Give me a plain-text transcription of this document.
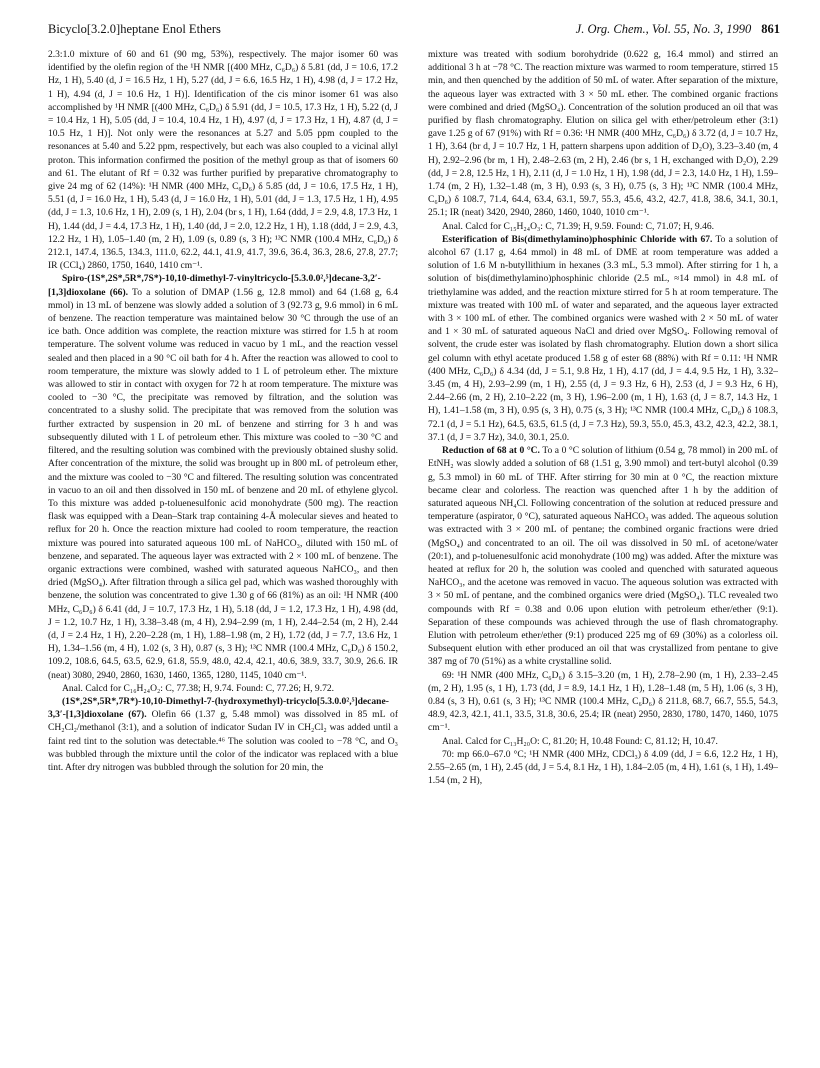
Bicyclo[3.2.0]heptane Enol Ethers	J. Org. Chem., Vol. 55, No. 3, 1990 861

2.3:1.0 mixture of 60 and 61 (90 mg, 53%), respectively. The major isomer 60 was identified by the olefin region of the ¹H NMR [(400 MHz, C₆D₆) δ 5.81 (dd, J = 10.6, 17.2 Hz, 1 H), 5.40 (d, J = 16.5 Hz, 1 H), 5.27 (dd, J = 6.6, 16.5 Hz, 1 H), 4.98 (d, J = 17.2 Hz, 1 H), 4.94 (d, J = 10.6 Hz, 1 H)]. Identification of the cis minor isomer 61 was also accomplished by ¹H NMR [(400 MHz, C₆D₆) δ 5.91 (dd, J = 10.5, 17.3 Hz, 1 H), 5.22 (d, J = 10.4 Hz, 1 H), 5.05 (dd, J = 10.4, 10.4 Hz, 1 H), 4.97 (d, J = 17.3 Hz, 1 H), 4.87 (d, J = 10.5 Hz, 1 H)]. Not only were the resonances at 5.27 and 5.05 ppm coupled to the resonances at 5.40 and 5.22 ppm, respectively, but each was also coupled to a vicinal allyl proton. This information confirmed the position of the methyl group as that of isomers 60 and 61. The elutant of Rf = 0.32 was further purified by preparative chromatography to give 24 mg of 62 (14%): ¹H NMR (400 MHz, C₆D₆) δ 5.85 (dd, J = 10.6, 17.5 Hz, 1 H), 5.51 (d, J = 16.0 Hz, 1 H), 5.43 (d, J = 16.0 Hz, 1 H), 5.01 (dd, J = 1.3, 17.5 Hz, 1 H), 4.95 (dd, J = 1.3, 10.6 Hz, 1 H), 2.09 (s, 1 H), 2.04 (br s, 1 H), 1.64 (ddd, J = 2.9, 4.8, 17.3 Hz, 1 H), 1.44 (dd, J = 4.4, 17.3 Hz, 1 H), 1.40 (dd, J = 2.0, 12.2 Hz, 1 H), 1.18 (ddd, J = 2.9, 4.3, 12.2 Hz, 1 H), 1.05–1.40 (m, 2 H), 1.09 (s, 0.89 (s, 3 H); ¹³C NMR (100.4 MHz, C₆D₆) δ 212.1, 147.4, 136.5, 134.3, 111.0, 62.2, 44.1, 41.9, 41.7, 39.6, 36.4, 36.3, 28.6, 27.8, 27.7; IR (CCl₄) 2860, 1750, 1640, 1410 cm⁻¹.

Spiro-(1S*,2S*,5R*,7S*)-10,10-dimethyl-7-vinyltricyclo-[5.3.0.0²,⁵]decane-3,2′-[1,3]dioxolane (66). To a solution of DMAP (1.56 g, 12.8 mmol) and 64 (1.68 g, 6.4 mmol) in 13 mL of benzene was slowly added a solution of 3 (92.73 g, 9.6 mmol) in 6 mL of benzene. The reaction temperature was maintained below 30 °C through the use of an ice bath. Once addition was complete, the reaction mixture was stirred for 1.5 h at room temperature. The solvent volume was reduced in vacuo by 1 mL, and the reaction vessel sealed and then placed in a 90 °C oil bath for 4 h. After the reaction was allowed to cool to room temperature, the mixture was slowly added to 1 L of petroleum ether. The mixture was allowed to stir in contact with oxygen for 72 h at room temperature. The mixture was cooled to −30 °C, the precipitate was removed by filtration, and the solution was concentrated to a slushy solid. The precipitate that was removed from the solution was further extracted by suspension in 20 mL of benzene and stirring for 3 h and was subsequently diluted with 1 L of petroleum ether. This mixture was cooled to −30 °C and filtered, and the resulting solution was combined with the previously obtained slushy solid. After concentration of the mixture, the solid was brought up in 800 mL of petroleum ether, and the mixture was cooled to −30 °C and filtered. The resulting solution was concentrated in vacuo to an oil and then dissolved in 150 mL of benzene and 20 mL of ethylene glycol. To this mixture was added p-toluenesulfonic acid monohydrate (500 mg). The reaction flask was equipped with a Dean–Stark trap containing 4-Å molecular sieves and heated to reflux for 20 h. Once the reaction mixture had cooled to room temperature, the reaction mixture was poured into saturated aqueous 100 mL of NaHCO₃, diluted with 150 mL of benzene, and separated. The aqueous layer was extracted with 2 × 100 mL of benzene. The organic extractions were combined, washed with saturated aqueous NaHCO₃, and then dried (MgSO₄). After filtration through a silica gel pad, which was washed thoroughly with benzene, the solution was concentrated to give 1.30 g of 66 (81%) as an oil: ¹H NMR (400 MHz, C₆D₆) δ 6.41 (dd, J = 10.7, 17.3 Hz, 1 H), 5.18 (dd, J = 1.2, 17.3 Hz, 1 H), 4.98 (dd, J = 1.2, 10.7 Hz, 1 H), 3.38–3.48 (m, 4 H), 2.94–2.99 (m, 1 H), 2.44–2.54 (m, 2 H), 2.44 (d, J = 2.4 Hz, 1 H), 2.20–2.28 (m, 1 H), 1.88–1.98 (m, 2 H), 1.72 (dd, J = 7.7, 13.6 Hz, 1 H), 1.34–1.56 (m, 4 H), 1.02 (s, 3 H), 0.87 (s, 3 H); ¹³C NMR (100.4 MHz, C₆D₆) δ 150.2, 109.2, 108.6, 64.5, 63.5, 62.9, 61.8, 55.9, 48.0, 42.4, 42.1, 40.6, 38.9, 33.7, 30.9, 26.6. IR (neat) 3080, 2940, 2860, 1630, 1460, 1365, 1280, 1145, 1040 cm⁻¹.

Anal. Calcd for C₁₆H₂₄O₂: C, 77.38; H, 9.74. Found: C, 77.26; H, 9.72.

(1S*,2S*,5R*,7R*)-10,10-Dimethyl-7-(hydroxymethyl)-tricyclo[5.3.0.0²,⁵]decane-3,3′-[1,3]dioxolane (67). Olefin 66 (1.37 g, 5.48 mmol) was dissolved in 85 mL of CH₂Cl₂/methanol (3:1), and a solution of indicator Sudan IV in CH₂Cl₂ was added until a faint red tint to the solution was detectable.⁴⁶ The solution was cooled to −78 °C, and O₃ was bubbled through the mixture until the color of the indicator was replaced with a blue tint. After dry nitrogen was bubbled through the solution for 20 min, the

mixture was treated with sodium borohydride (0.622 g, 16.4 mmol) and stirred an additional 3 h at −78 °C. The reaction mixture was warmed to room temperature, stirred 15 min, and then quenched by the addition of 50 mL of water. After separation of the mixture, the aqueous layer was extracted with 3 × 50 mL ether. The combined organic fractions were combined and dried (MgSO₄). Concentration of the solution produced an oil that was purified by flash chromatography. Elution on silica gel with ether/petroleum ether (3:1) gave 1.25 g of 67 (91%) with Rf = 0.36: ¹H NMR (400 MHz, C₆D₆) δ 3.72 (d, J = 10.7 Hz, 1 H), 3.64 (br d, J = 10.7 Hz, 1 H, pattern sharpens upon addition of D₂O), 3.23–3.40 (m, 4 H), 2.92–2.96 (br m, 1 H), 2.48–2.63 (m, 2 H), 2.46 (br s, 1 H, exchanged with D₂O), 2.29 (dd, J = 2.8, 12.5 Hz, 1 H), 2.11 (d, J = 1.0 Hz, 1 H), 1.98 (dd, J = 2.3, 14.0 Hz, 1 H), 1.59–1.74 (m, 2 H), 1.32–1.48 (m, 3 H), 0.93 (s, 3 H), 0.75 (s, 3 H); ¹³C NMR (100.4 MHz, C₆D₆) δ 108.7, 71.4, 64.4, 63.4, 63.1, 59.7, 55.3, 45.6, 43.2, 42.7, 41.8, 38.6, 34.1, 30.1, 25.1; IR (neat) 3420, 2940, 2860, 1460, 1040, 1010 cm⁻¹.

Anal. Calcd for C₁₅H₂₄O₃: C, 71.39; H, 9.59. Found: C, 71.07; H, 9.46.

Esterification of Bis(dimethylamino)phosphinic Chloride with 67. To a solution of alcohol 67 (1.17 g, 4.64 mmol) in 48 mL of DME at room temperature was added a solution of 1.6 M n-butyllithium in hexanes (3.3 mL, 5.3 mmol). After stirring for 1 h, a solution of bis(dimethylamino)phosphinic chloride (2.5 mL, ≈14 mmol) in 4.8 mL of triethylamine was added, and the reaction mixture stirred for 5 h at room temperature. The mixture was treated with 100 mL of water and separated, and the aqueous layer extracted with 3 × 100 mL of ether. The combined organics were washed with 2 × 50 mL of water and 1 × 30 mL of saturated aqueous NaCl and dried over MgSO₄. Following removal of solvent, the crude ester was isolated by flash chromatography. Elution down a short silica gel column with ethyl acetate produced 1.58 g of ester 68 (88%) with Rf = 0.11: ¹H NMR (400 MHz, C₆D₆) δ 4.34 (dd, J = 5.1, 9.8 Hz, 1 H), 4.17 (dd, J = 4.4, 9.5 Hz, 1 H), 3.32–3.45 (m, 4 H), 2.93–2.99 (m, 1 H), 2.55 (d, J = 9.3 Hz, 6 H), 2.53 (d, J = 9.3 Hz, 6 H), 2.44–2.66 (m, 2 H), 2.10–2.22 (m, 3 H), 1.96–2.00 (m, 1 H), 1.63 (d, J = 8.7, 14.3 Hz, 1 H), 1.41–1.58 (m, 3 H), 0.95 (s, 3 H), 0.75 (s, 3 H); ¹³C NMR (100.4 MHz, C₆D₆) δ 108.3, 72.1 (d, J = 5.1 Hz), 64.5, 63.5, 61.5 (d, J = 7.3 Hz), 59.3, 55.0, 45.3, 43.2, 42.3, 42.2, 38.1, 37.1 (d, J = 3.7 Hz), 34.0, 30.1, 25.0.

Reduction of 68 at 0 °C. To a 0 °C solution of lithium (0.54 g, 78 mmol) in 200 mL of EtNH₂ was slowly added a solution of 68 (1.51 g, 3.90 mmol) and tert-butyl alcohol (0.39 g, 5.3 mmol) in 60 mL of THF. After stirring for 30 min at 0 °C, the reaction mixture became clear and colorless. The reaction was quenched after 1 h by the addition of saturated aqueous NH₄Cl. Following concentration of the solution at reduced pressure and temperature (aspirator, 0 °C), saturated aqueous NaHCO₃ was added. The aqueous solution was extracted with 3 × 200 mL of pentane; the combined organic fractions were dried (MgSO₄) and concentrated to an oil. The oil was dissolved in 50 mL of acetone/water (20:1), and p-toluenesulfonic acid monohydrate (100 mg) was added. After the mixture was heated at reflux for 20 h, the solution was cooled and quenched with saturated aqueous NaHCO₃, and the acetone was removed in vacuo. The aqueous solution was extracted with 3 × 50 mL of pentane, and the combined organics were dried (MgSO₄). TLC revealed two compounds with Rf = 0.38 and 0.06 upon elution with petroleum ether/ether (9:1). Separation of these compounds was achieved through the use of flash chromatography. Elution with petroleum ether/ether (9:1) produced 225 mg of 69 (30%) as a colorless oil. Subsequent elution with ether produced an oil that was crystallized from pentane to give 387 mg of 70 (51%) as a white crystalline solid.

69: ¹H NMR (400 MHz, C₆D₆) δ 3.15–3.20 (m, 1 H), 2.78–2.90 (m, 1 H), 2.33–2.45 (m, 2 H), 1.95 (s, 1 H), 1.73 (dd, J = 8.9, 14.1 Hz, 1 H), 1.28–1.48 (m, 5 H), 1.06 (s, 3 H), 0.84 (s, 3 H), 0.61 (s, 3 H); ¹³C NMR (100.4 MHz, C₆D₆) δ 211.8, 68.7, 66.7, 55.5, 54.3, 48.9, 42.3, 42.1, 41.1, 33.5, 31.8, 30.6, 25.4; IR (neat) 2950, 2830, 1780, 1470, 1460, 1075 cm⁻¹.

Anal. Calcd for C₁₃H₂₀O: C, 81.20; H, 10.48 Found: C, 81.12; H, 10.47.

70: mp 66.0–67.0 °C; ¹H NMR (400 MHz, CDCl₃) δ 4.09 (dd, J = 6.6, 12.2 Hz, 1 H), 2.55–2.65 (m, 1 H), 2.45 (dd, J = 5.4, 8.1 Hz, 1 H), 1.84–2.05 (m, 4 H), 1.61 (s, 1 H), 1.49–1.54 (m, 2 H),
